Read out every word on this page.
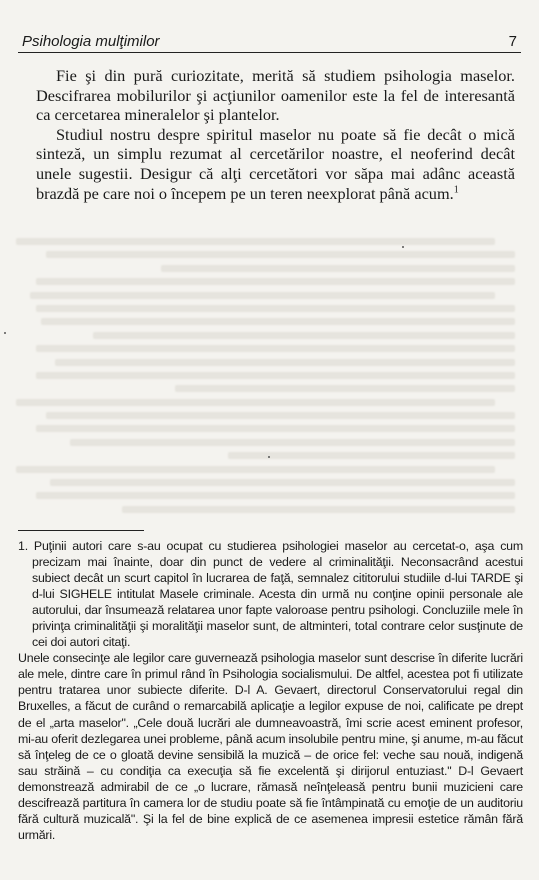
Psihologia mulţimilor	7

Fie şi din pură curiozitate, merită să studiem psihologia maselor. Descifrarea mobilurilor şi acţiunilor oamenilor este la fel de interesantă ca cercetarea mineralelor şi plantelor.

Studiul nostru despre spiritul maselor nu poate să fie decât o mică sinteză, un simplu rezumat al cercetărilor noastre, el neoferind decât unele sugestii. Desigur că alţi cercetători vor săpa mai adânc această brazdă pe care noi o începem pe un teren neexplorat până acum.$^1$

1. Puţinii autori care s-au ocupat cu studierea psihologiei maselor au cercetat-o, aşa cum precizam mai înainte, doar din punct de vedere al criminalităţii. Neconsacrând acestui subiect decât un scurt capitol în lucrarea de faţă, semnalez cititorului studiile d-lui TARDE şi d-lui SIGHELE intitulat Masele criminale. Acesta din urmă nu conţine opinii personale ale autorului, dar însumează relatarea unor fapte valoroase pentru psihologi. Concluziile mele în privinţa criminalităţii şi moralităţii maselor sunt, de altminteri, total contrare celor susţinute de cei doi autori citaţi.

Unele consecinţe ale legilor care guvernează psihologia maselor sunt descrise în diferite lucrări ale mele, dintre care în primul rând în Psihologia socialismului. De altfel, acestea pot fi utilizate pentru tratarea unor subiecte diferite. D-l A. Gevaert, directorul Conservatorului regal din Bruxelles, a făcut de curând o remarcabilă aplicaţie a legilor expuse de noi, calificate pe drept de el „arta maselor". „Cele două lucrări ale dumneavoastră, îmi scrie acest eminent profesor, mi-au oferit dezlegarea unei probleme, până acum insolubile pentru mine, şi anume, m-au făcut să înţeleg de ce o gloată devine sensibilă la muzică – de orice fel: veche sau nouă, indigenă sau străină – cu condiţia ca execuţia să fie excelentă şi dirijorul entuziast." D-l Gevaert demonstrează admirabil de ce „o lucrare, rămasă neînţeleasă pentru bunii muzicieni care descifrează partitura în camera lor de studiu poate să fie întâmpinată cu emoţie de un auditoriu fără cultură muzicală". Şi la fel de bine explică de ce asemenea impresii estetice rămân fără urmări.
